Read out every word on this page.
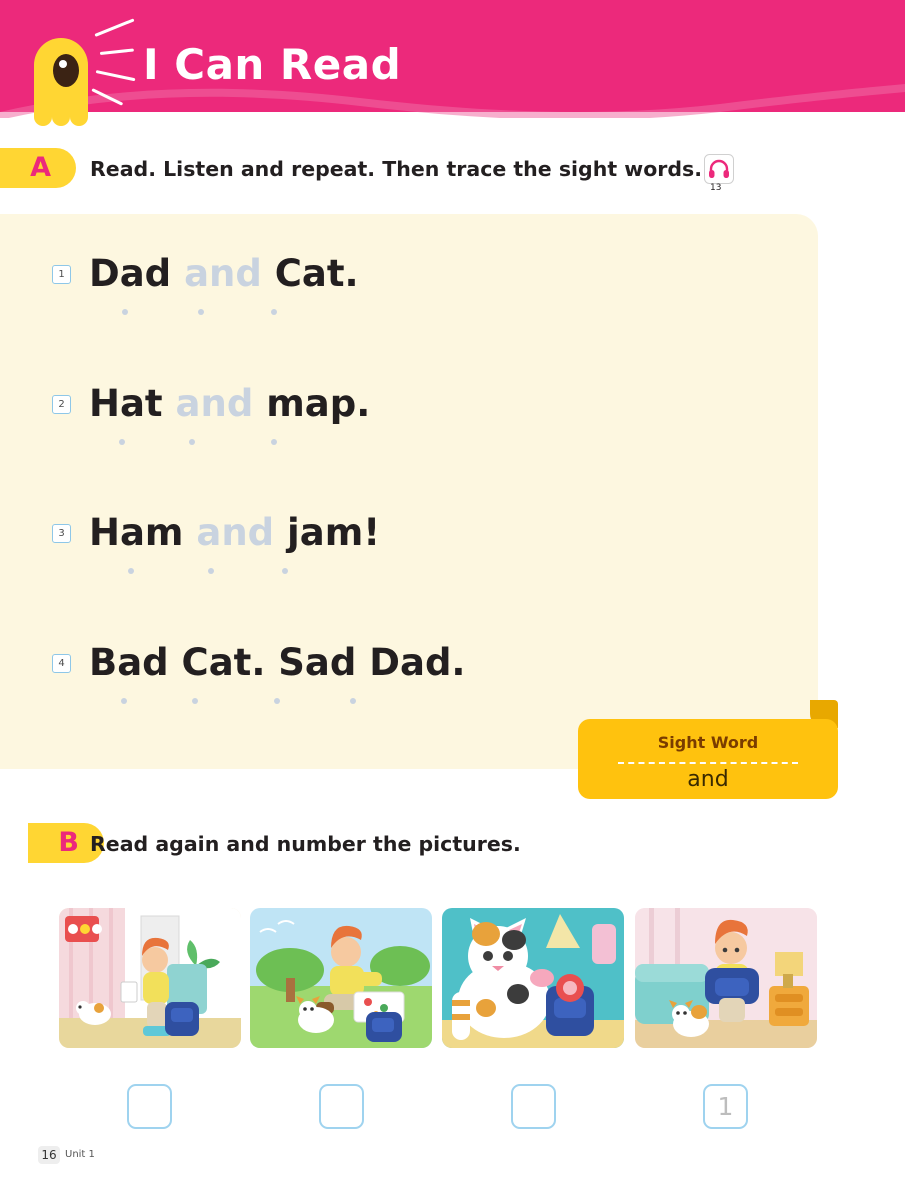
I Can Read
A	Read. Listen and repeat. Then trace the sight words.
13
1 Dad and Cat.
2 Hat and map.
3 Ham and jam!
4 Bad Cat. Sad Dad.
Sight Word
and
B Read again and number the pictures.
1
16 Unit 1
